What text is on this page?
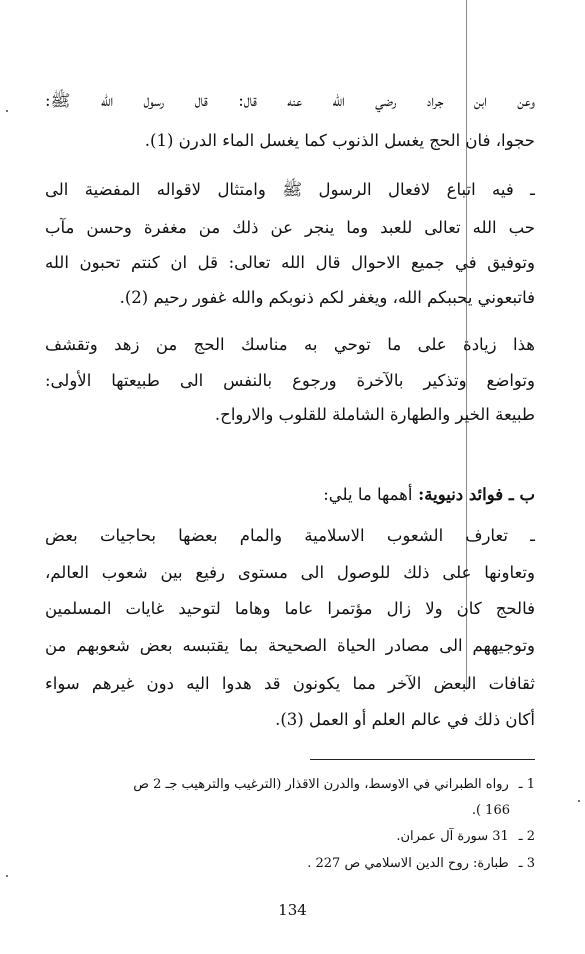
وعن ابن جراد رضي الله عنه قال: قال رسول الله ﷺ:
حجوا، فان الحج يغسل الذنوب كما يغسل الماء الدرن (1).
ـ فيه اتباع لافعال الرسول ﷺ وامتثال لاقواله المفضية الى
حب الله تعالى للعبد وما ينجر عن ذلك من مغفرة وحسن مآب
وتوفيق في جميع الاحوال قال الله تعالى: قل ان كنتم تحبون الله
فاتبعوني يحببكم الله، ويغفر لكم ذنوبكم والله غفور رحيم (2).
هذا زيادة على ما توحي به مناسك الحج من زهد وتقشف
وتواضع وتذكير بالآخرة ورجوع بالنفس الى طبيعتها الأولى:
طبيعة الخير والطهارة الشاملة للقلوب والارواح.
ب ـ فوائد دنيوية: أهمها ما يلي:
ـ تعارف الشعوب الاسلامية والمام بعضها بحاجيات بعض
وتعاونها على ذلك للوصول الى مستوى رفيع بين شعوب العالم،
فالحج كان ولا زال مؤتمرا عاما وهاما لتوحيد غايات المسلمين
وتوجيههم الى مصادر الحياة الصحيحة بما يقتبسه بعض شعوبهم من
ثقافات البعض الآخر مما يكونون قد هدوا اليه دون غيرهم سواء
أكان ذلك في عالم العلم أو العمل (3).
1 ـرواه الطبراني في الاوسط، والدرن الاقذار (الترغيب والترهيب جـ 2 ص
166 ).
2 ـ31 سورة آل عمران.
3 ـطبارة: روح الدين الاسلامي ص 227 .
134
